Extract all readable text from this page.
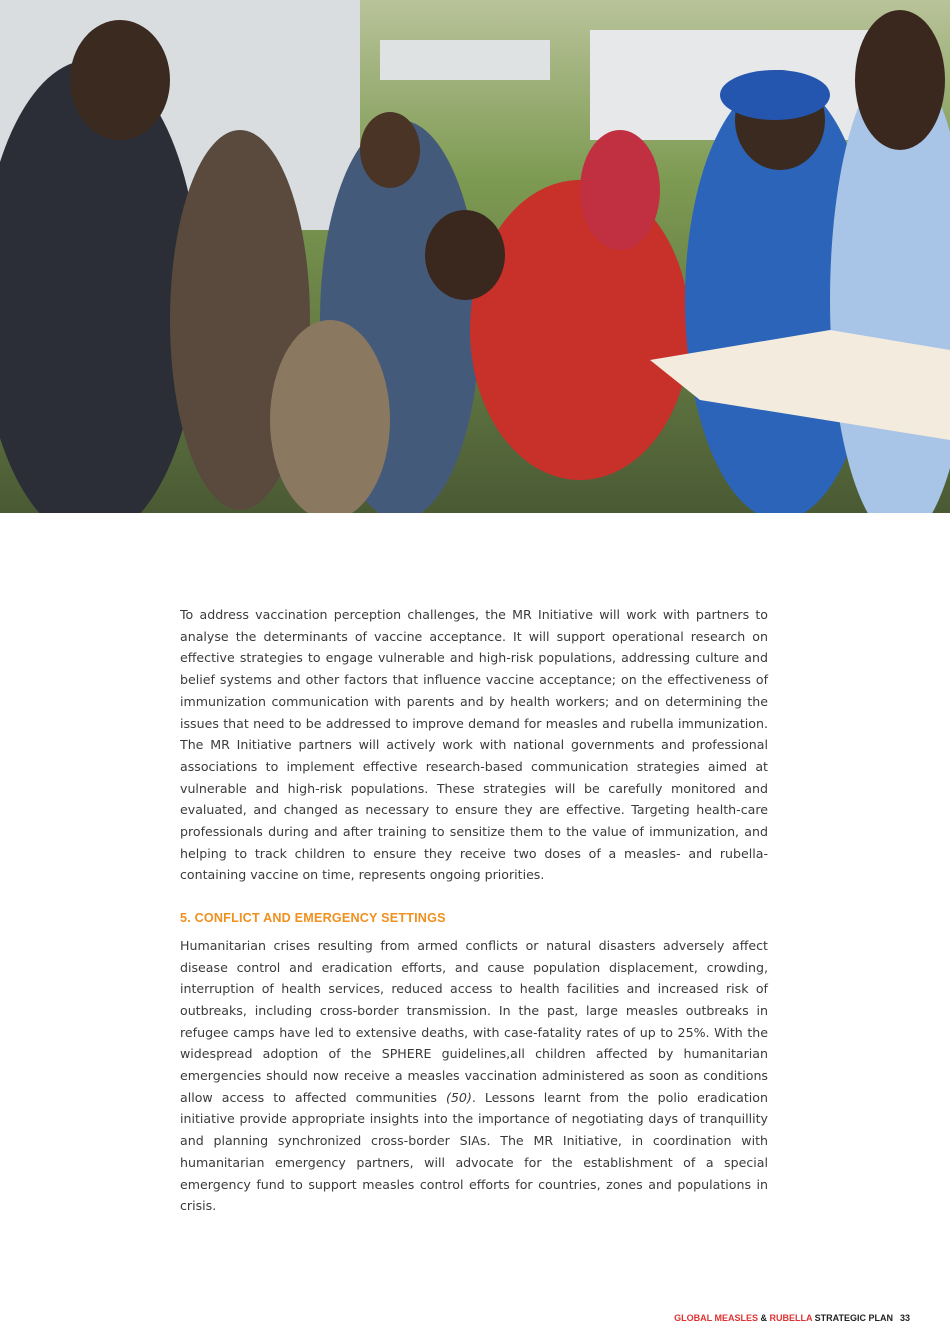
To address vaccination perception challenges, the MR Initiative will work with partners to analyse the determinants of vaccine acceptance. It will support operational research on effective strategies to engage vulnerable and high-risk populations, addressing culture and belief systems and other factors that influence vaccine acceptance; on the effectiveness of immunization communication with parents and by health workers; and on determining the issues that need to be addressed to improve demand for measles and rubella immunization. The MR Initiative partners will actively work with national governments and professional associations to implement effective research-based communication strategies aimed at vulnerable and high-risk populations. These strategies will be carefully monitored and evaluated, and changed as necessary to ensure they are effective. Targeting health-care professionals during and after training to sensitize them to the value of immunization, and helping to track children to ensure they receive two doses of a measles- and rubella-containing vaccine on time, represents ongoing priorities.

5. CONFLICT AND EMERGENCY SETTINGS

Humanitarian crises resulting from armed conflicts or natural disasters adversely affect disease control and eradication efforts, and cause population displacement, crowding, interruption of health services, reduced access to health facilities and increased risk of outbreaks, including cross-border transmission. In the past, large measles outbreaks in refugee camps have led to extensive deaths, with case-fatality rates of up to 25%. With the widespread adoption of the SPHERE guidelines,all children affected by humanitarian emergencies should now receive a measles vaccination administered as soon as conditions allow access to affected communities (50). Lessons learnt from the polio eradication initiative provide appropriate insights into the importance of negotiating days of tranquillity and planning synchronized cross-border SIAs. The MR Initiative, in coordination with humanitarian emergency partners, will advocate for the establishment of a special emergency fund to support measles control efforts for countries, zones and populations in crisis.

GLOBAL MEASLES & RUBELLA STRATEGIC PLAN 33
